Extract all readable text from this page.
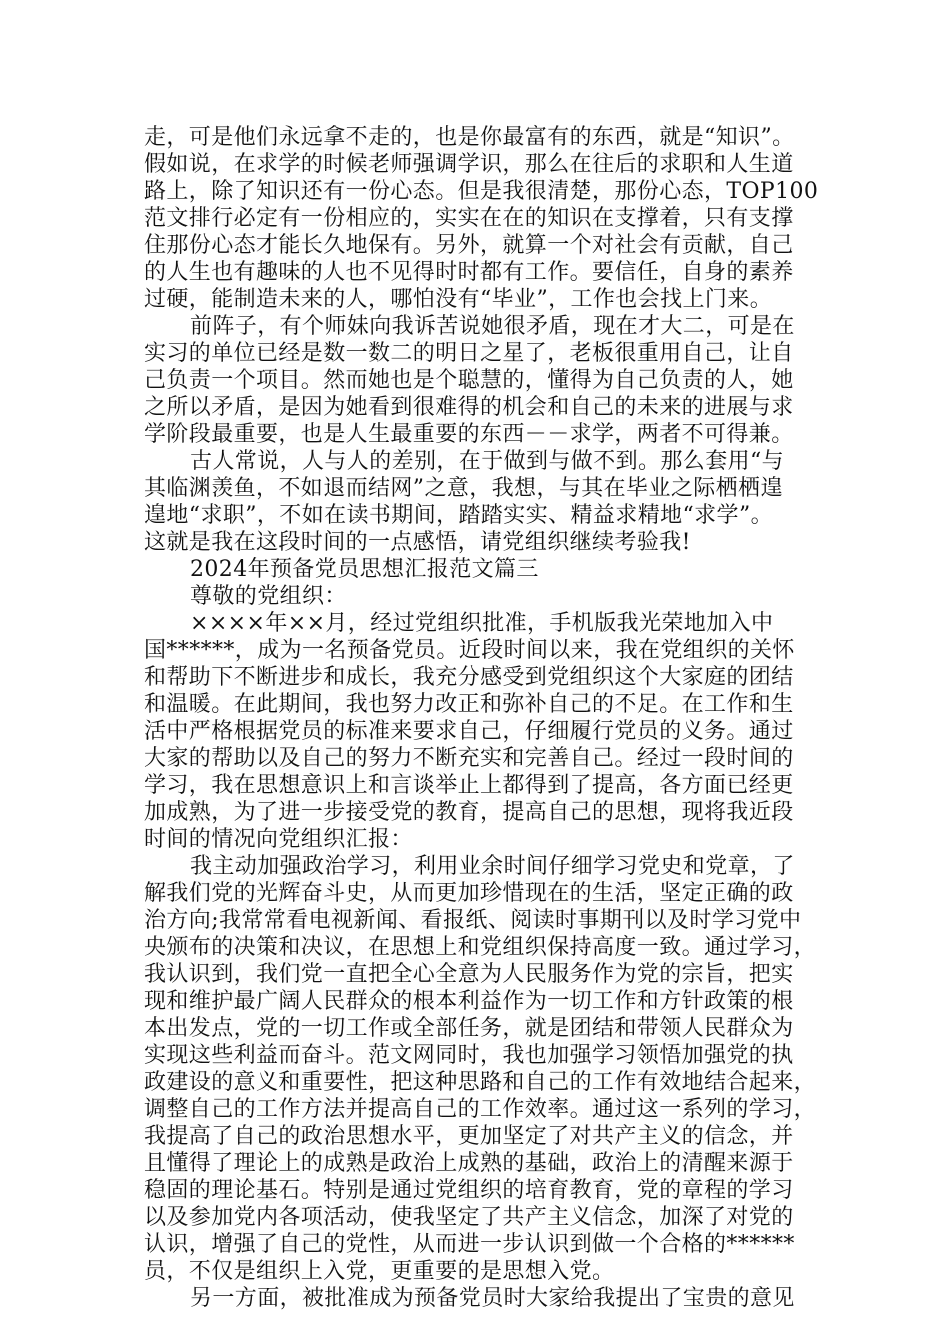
走，可是他们永远拿不走的，也是你最富有的东西，就是“知识”。
假如说，在求学的时候老师强调学识，那么在往后的求职和人生道
路上，除了知识还有一份心态。但是我很清楚，那份心态，TOP100
范文排行必定有一份相应的，实实在在的知识在支撑着，只有支撑
住那份心态才能长久地保有。另外，就算一个对社会有贡献，自己
的人生也有趣味的人也不见得时时都有工作。要信任，自身的素养
过硬，能制造未来的人，哪怕没有“毕业”，工作也会找上门来。
前阵子，有个师妹向我诉苦说她很矛盾，现在才大二，可是在
实习的单位已经是数一数二的明日之星了，老板很重用自己，让自
己负责一个项目。然而她也是个聪慧的，懂得为自己负责的人，她
之所以矛盾，是因为她看到很难得的机会和自己的未来的进展与求
学阶段最重要，也是人生最重要的东西－－求学，两者不可得兼。
古人常说，人与人的差别，在于做到与做不到。那么套用“与
其临渊羡鱼，不如退而结网”之意，我想，与其在毕业之际栖栖遑
遑地“求职”，不如在读书期间，踏踏实实、精益求精地“求学”。
这就是我在这段时间的一点感悟，请党组织继续考验我!
2024年预备党员思想汇报范文篇三
尊敬的党组织：
××××年××月，经过党组织批准，手机版我光荣地加入中
国******，成为一名预备党员。近段时间以来，我在党组织的关怀
和帮助下不断进步和成长，我充分感受到党组织这个大家庭的团结
和温暖。在此期间，我也努力改正和弥补自己的不足。在工作和生
活中严格根据党员的标准来要求自己，仔细履行党员的义务。通过
大家的帮助以及自己的努力不断充实和完善自己。经过一段时间的
学习，我在思想意识上和言谈举止上都得到了提高，各方面已经更
加成熟，为了进一步接受党的教育，提高自己的思想，现将我近段
时间的情况向党组织汇报：
我主动加强政治学习，利用业余时间仔细学习党史和党章，了
解我们党的光辉奋斗史，从而更加珍惜现在的生活，坚定正确的政
治方向;我常常看电视新闻、看报纸、阅读时事期刊以及时学习党中
央颁布的决策和决议，在思想上和党组织保持高度一致。通过学习，
我认识到，我们党一直把全心全意为人民服务作为党的宗旨，把实
现和维护最广阔人民群众的根本利益作为一切工作和方针政策的根
本出发点，党的一切工作或全部任务，就是团结和带领人民群众为
实现这些利益而奋斗。范文网同时，我也加强学习领悟加强党的执
政建设的意义和重要性，把这种思路和自己的工作有效地结合起来，
调整自己的工作方法并提高自己的工作效率。通过这一系列的学习，
我提高了自己的政治思想水平，更加坚定了对共产主义的信念，并
且懂得了理论上的成熟是政治上成熟的基础，政治上的清醒来源于
稳固的理论基石。特别是通过党组织的培育教育，党的章程的学习
以及参加党内各项活动，使我坚定了共产主义信念，加深了对党的
认识，增强了自己的党性，从而进一步认识到做一个合格的******
员，不仅是组织上入党，更重要的是思想入党。
另一方面，被批准成为预备党员时大家给我提出了宝贵的意见
